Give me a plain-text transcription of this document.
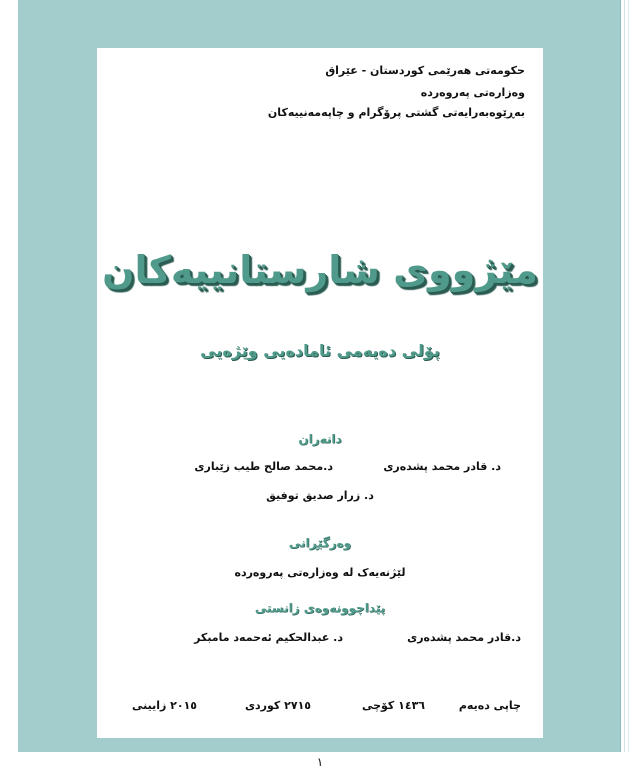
حکومەتی هەرێمی کوردستان - عێراق
وەزارەتی پەروەردە
بەڕێوەبەرایەتی گشتی پرۆگرام و چاپەمەنییەکان
مێژووی شارستانییەکان
پۆلی دەیەمی ئامادەیی وێژەیی
دانەران
د. قادر محمد پشدەری
د.محمد صالح طیب زێباری
د. زرار صدیق توفیق
وەرگێڕانی
لێژنەیەک لە وەزارەتی پەروەردە
پێداچوونەوەی زانستی
د.قادر محمد پشدەری
د. عبدالحکیم ئەحمەد مامبکر
چاپی دەیەم
١٤٣٦ کۆچی
٢٧١٥ کوردی
٢٠١٥ زایینی
١
